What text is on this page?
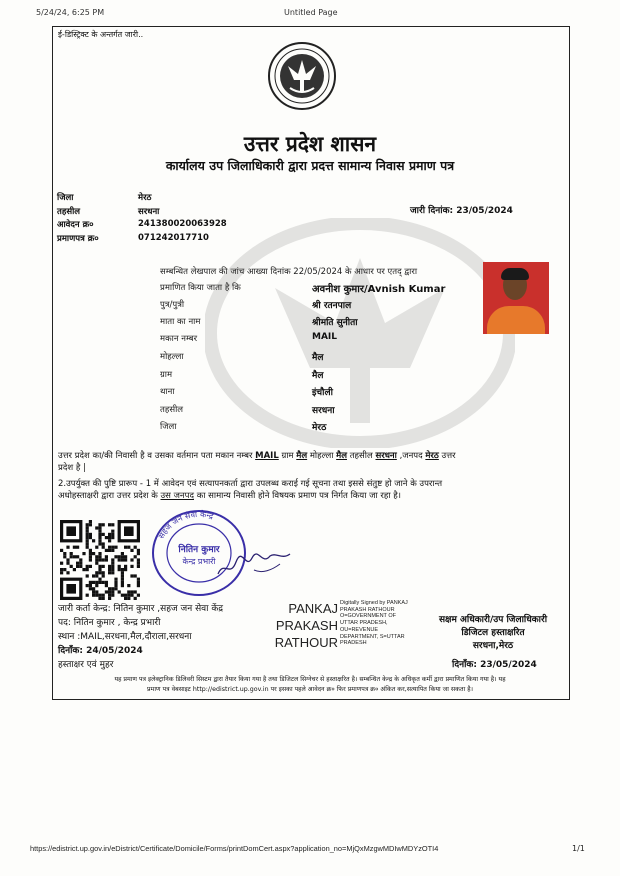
5/24/24, 6:25 PM	Untitled Page
ई-डिस्ट्रिक्ट के अन्तर्गत जारी..
उत्तर प्रदेश शासन
कार्यालय उप जिलाधिकारी द्वारा प्रदत्त सामान्य निवास प्रमाण पत्र
जिला	मेरठ
तहसील	सरधना	जारी दिनांक: 23/05/2024
आवेदन क्र०	241380020063928
प्रमाणपत्र क्र०	071242017710
सम्बन्धित लेखपाल की जांच आख्या दिनांक 22/05/2024 के आधार पर एतद् द्वारा
प्रमाणित किया जाता है कि	अवनीश कुमार/Avnish Kumar
पुत्र/पुत्री	श्री रतनपाल
माता का नाम	श्रीमति सुनीता
मकान नम्बर	MAIL
मोहल्ला	मैल
ग्राम	मैल
थाना	इंचौली
तहसील	सरधना
जिला	मेरठ
उत्तर प्रदेश का/की निवासी है व उसका वर्तमान पता मकान नम्बर MAIL ग्राम मैल मोहल्ला मैल तहसील सरधना ,जनपद मेरठ उत्तर
प्रदेश है |
2.उपर्युक्त की पुष्टि प्रारूप - 1 में आवेदन एवं सत्यापनकर्ता द्वारा उपलब्ध कराई गई सूचना तथा इससे संतुष्ट हो जाने के उपरान्त
अधोहस्ताक्षरी द्वारा उत्तर प्रदेश के उस जनपद का सामान्य निवासी होने विषयक प्रमाण पत्र निर्गत किया जा रहा है।
सहज जन सेवा केन्द्र
नितिन कुमार
केन्द्र प्रभारी
जारी कर्ता केन्द्र: नितिन कुमार ,सहज जन सेवा केंद्र
पद: नितिन कुमार , केन्द्र प्रभारी
स्थान :MAIL,सरधना,मैल,दौराला,सरधना
दिनाँक: 24/05/2024
हस्ताक्षर एवं मुहर
PANKAJ
PRAKASH
RATHOUR
Digitally Signed by PANKAJ
PRAKASH RATHOUR
O=GOVERNMENT OF
UTTAR PRADESH,
OU=REVENUE
DEPARTMENT, S=UTTAR
PRADESH
सक्षम अधिकारी/उप जिलाधिकारी
डिजिटल हस्ताक्षरित
सरधना,मेरठ
दिनाँक: 23/05/2024
यह प्रमाण पत्र इलेक्ट्रानिक डिलिवरी सिस्टम द्वारा तैयार किया गया है तथा डिजिटल सिग्नेचर से हस्ताक्षरित है। सम्बन्धित केन्द्र के अधिकृत कर्मी द्वारा प्रमाणित किया गया है। यह
प्रमाण पत्र वेबसाइट http://edistrict.up.gov.in पर इसका पहले आवेदन क्र० फिर प्रमाणपत्र क्र० अंकित कर,सत्यापित किया जा सकता है।
https://edistrict.up.gov.in/eDistrict/Certificate/Domicile/Forms/printDomCert.aspx?application_no=MjQxMzgwMDIwMDYzOTI4	1/1
